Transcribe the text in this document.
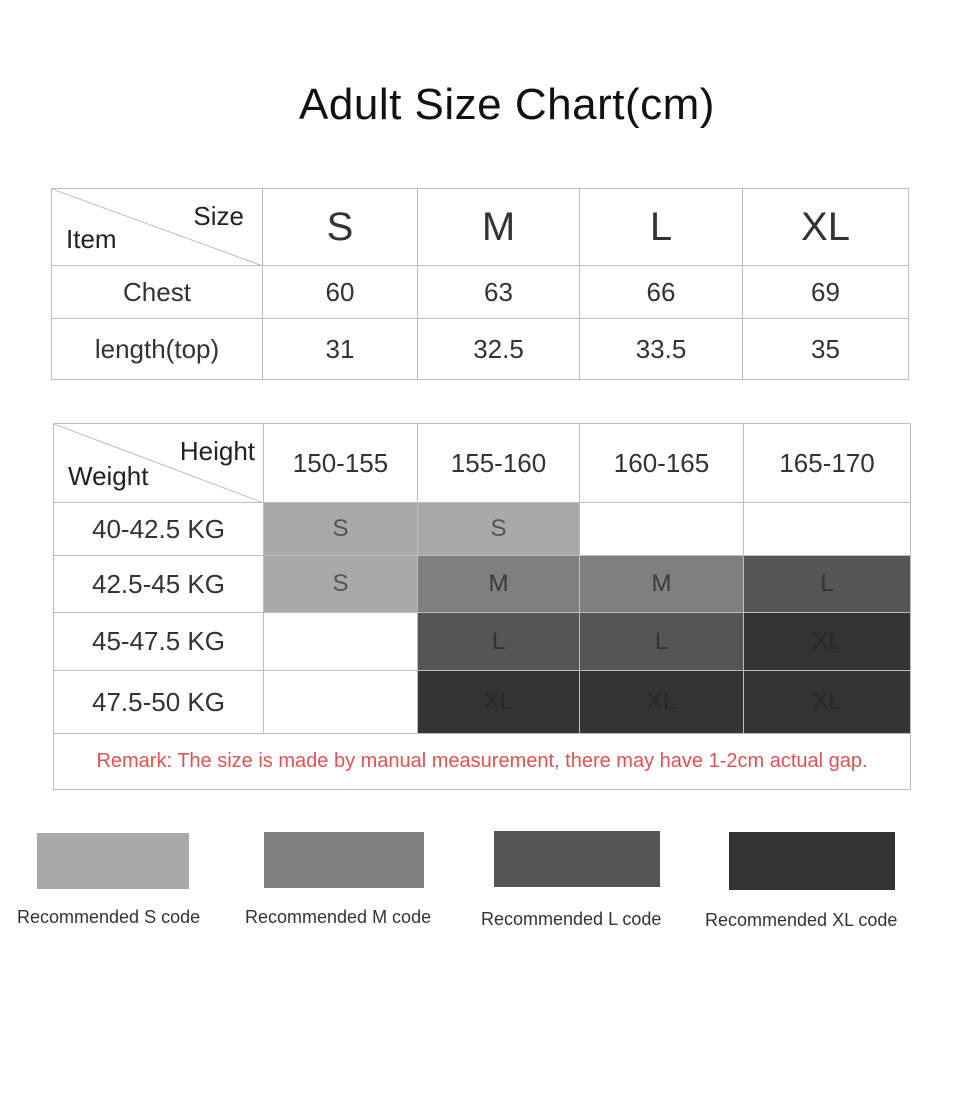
Adult Size Chart(cm)
Size
Item	S	M	L	XL
Chest	60	63	66	69
length(top)	31	32.5	33.5	35
Height
Weight	150-155	155-160	160-165	165-170
40-42.5 KG	S	S		
42.5-45 KG	S	M	M	L
45-47.5 KG		L	L	XL
47.5-50 KG		XL	XL	XL
Remark: The size is made by manual measurement, there may have 1-2cm actual gap.				
Recommended S code Recommended M code	Recommended L code Recommended XL code
